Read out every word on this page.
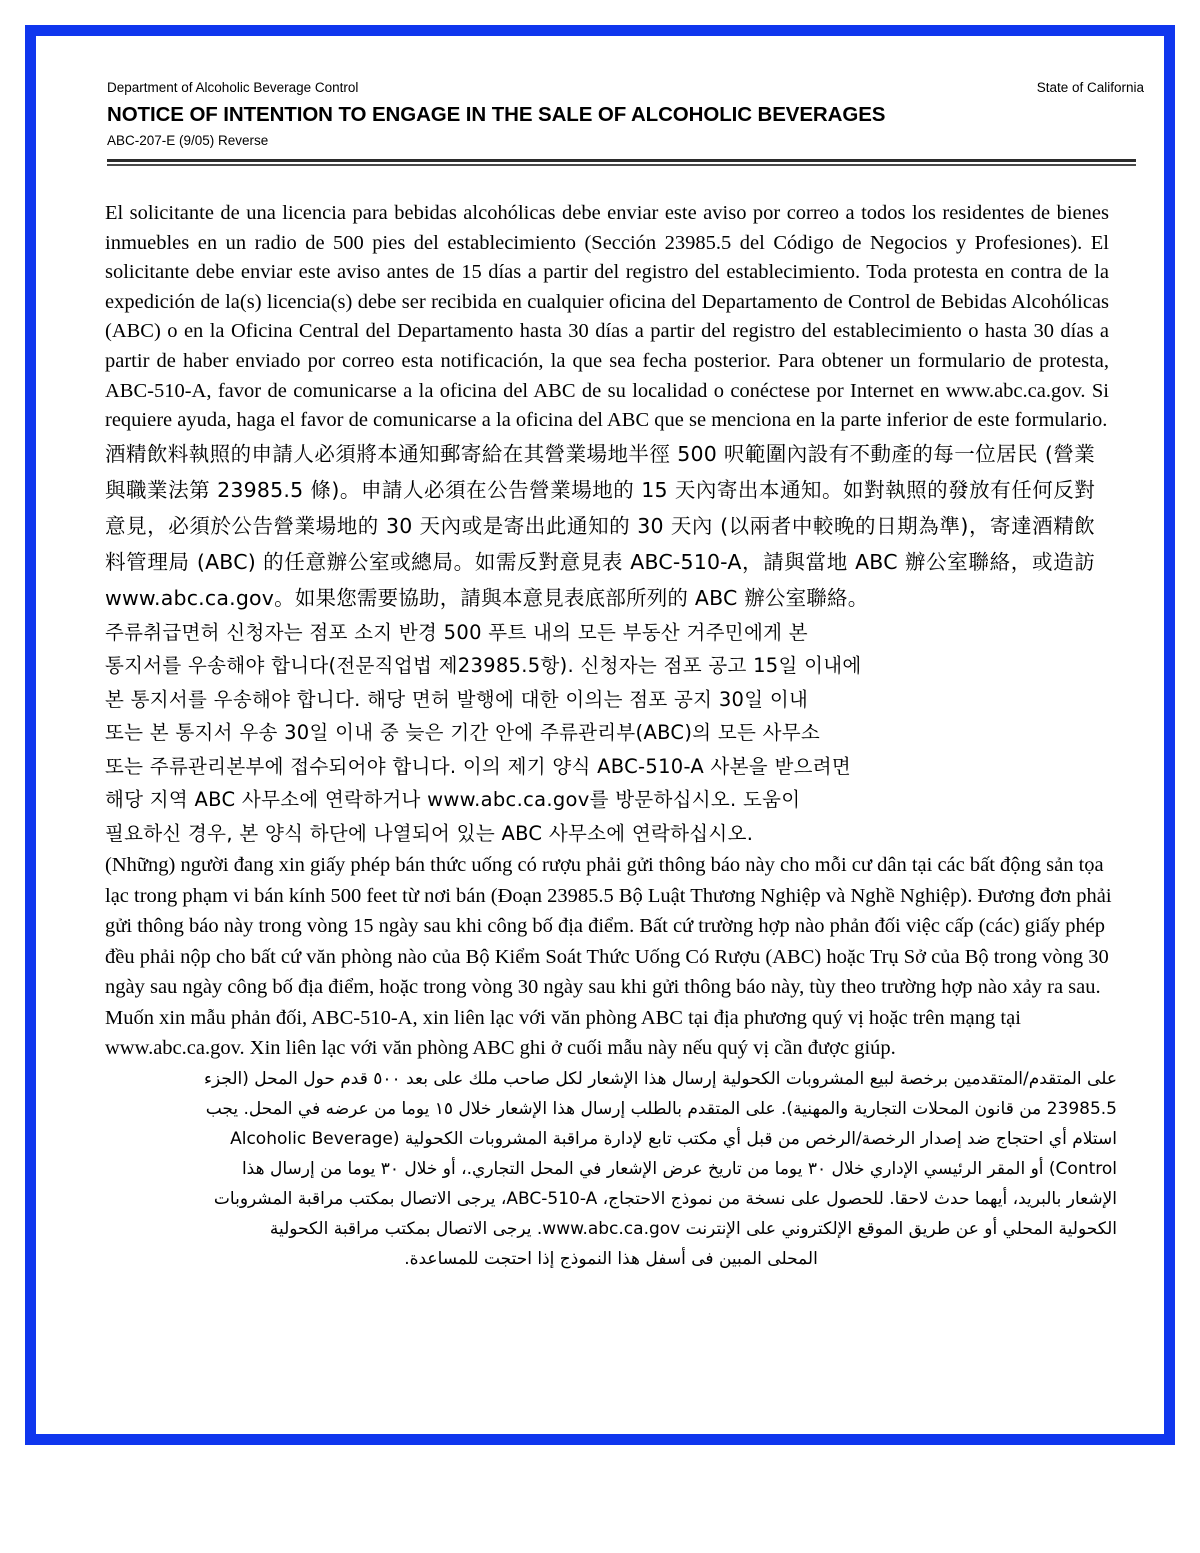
Department of Alcoholic Beverage Control	State of California
NOTICE OF INTENTION TO ENGAGE IN THE SALE OF ALCOHOLIC BEVERAGES
ABC-207-E (9/05) Reverse

El solicitante de una licencia para bebidas alcohólicas debe enviar este aviso por correo a todos los residentes de bienes inmuebles en un radio de 500 pies del establecimiento (Sección 23985.5 del Código de Negocios y Profesiones). El solicitante debe enviar este aviso antes de 15 días a partir del registro del establecimiento. Toda protesta en contra de la expedición de la(s) licencia(s) debe ser recibida en cualquier oficina del Departamento de Control de Bebidas Alcohólicas (ABC) o en la Oficina Central del Departamento hasta 30 días a partir del registro del establecimiento o hasta 30 días a partir de haber enviado por correo esta notificación, la que sea fecha posterior. Para obtener un formulario de protesta, ABC-510-A, favor de comunicarse a la oficina del ABC de su localidad o conéctese por Internet en www.abc.ca.gov. Si requiere ayuda, haga el favor de comunicarse a la oficina del ABC que se menciona en la parte inferior de este formulario.

酒精飲料執照的申請人必須將本通知郵寄給在其營業場地半徑 500 呎範圍內設有不動產的每一位居民 (營業與職業法第 23985.5 條)。申請人必須在公告營業場地的 15 天內寄出本通知。如對執照的發放有任何反對意見，必須於公告營業場地的 30 天內或是寄出此通知的 30 天內 (以兩者中較晚的日期為準)，寄達酒精飲料管理局 (ABC) 的任意辦公室或總局。如需反對意見表 ABC-510-A，請與當地 ABC 辦公室聯絡，或造訪 www.abc.ca.gov。如果您需要協助，請與本意見表底部所列的 ABC 辦公室聯絡。

주류취급면허 신청자는 점포 소지 반경 500 푸트 내의 모든 부동산 거주민에게 본
통지서를 우송해야 합니다(전문직업법 제23985.5항). 신청자는 점포 공고 15일 이내에
본 통지서를 우송해야 합니다. 해당 면허 발행에 대한 이의는 점포 공지 30일 이내
또는 본 통지서 우송 30일 이내 중 늦은 기간 안에 주류관리부(ABC)의 모든 사무소
또는 주류관리본부에 접수되어야 합니다. 이의 제기 양식 ABC-510-A 사본을 받으려면
해당 지역 ABC 사무소에 연락하거나 www.abc.ca.gov를 방문하십시오. 도움이
필요하신 경우, 본 양식 하단에 나열되어 있는 ABC 사무소에 연락하십시오.

(Những) người đang xin giấy phép bán thức uống có rượu phải gửi thông báo này cho mỗi cư dân tại các bất động sản tọa lạc trong phạm vi bán kính 500 feet từ nơi bán (Đoạn 23985.5 Bộ Luật Thương Nghiệp và Nghề Nghiệp). Đương đơn phải gửi thông báo này trong vòng 15 ngày sau khi công bố địa điểm. Bất cứ trường hợp nào phản đối việc cấp (các) giấy phép đều phải nộp cho bất cứ văn phòng nào của Bộ Kiểm Soát Thức Uống Có Rượu (ABC) hoặc Trụ Sở của Bộ trong vòng 30 ngày sau ngày công bố địa điểm, hoặc trong vòng 30 ngày sau khi gửi thông báo này, tùy theo trường hợp nào xảy ra sau. Muốn xin mẫu phản đối, ABC-510-A, xin liên lạc với văn phòng ABC tại địa phương quý vị hoặc trên mạng tại www.abc.ca.gov. Xin liên lạc với văn phòng ABC ghi ở cuối mẫu này nếu quý vị cần được giúp.

على المتقدم/المتقدمين برخصة لبيع المشروبات الكحولية إرسال هذا الإشعار لكل صاحب ملك على بعد ٥٠٠ قدم حول المحل (الجزء
23985.5 من قانون المحلات التجارية والمهنية). على المتقدم بالطلب إرسال هذا الإشعار خلال ١٥ يوما من عرضه في المحل. يجب
استلام أي احتجاج ضد إصدار الرخصة/الرخص من قبل أي مكتب تابع لإدارة مراقبة المشروبات الكحولية (Alcoholic Beverage
Control) أو المقر الرئيسي الإداري خلال ٣٠ يوما من تاريخ عرض الإشعار في المحل التجاري.، أو خلال ٣٠ يوما من إرسال هذا
الإشعار بالبريد، أيهما حدث لاحقا. للحصول على نسخة من نموذج الاحتجاج، ABC-510-A، يرجى الاتصال بمكتب مراقبة المشروبات
الكحولية المحلي أو عن طريق الموقع الإلكتروني على الإنترنت www.abc.ca.gov. يرجى الاتصال بمكتب مراقبة الكحولية
المحلى المبين فى أسفل هذا النموذج إذا احتجت للمساعدة.
